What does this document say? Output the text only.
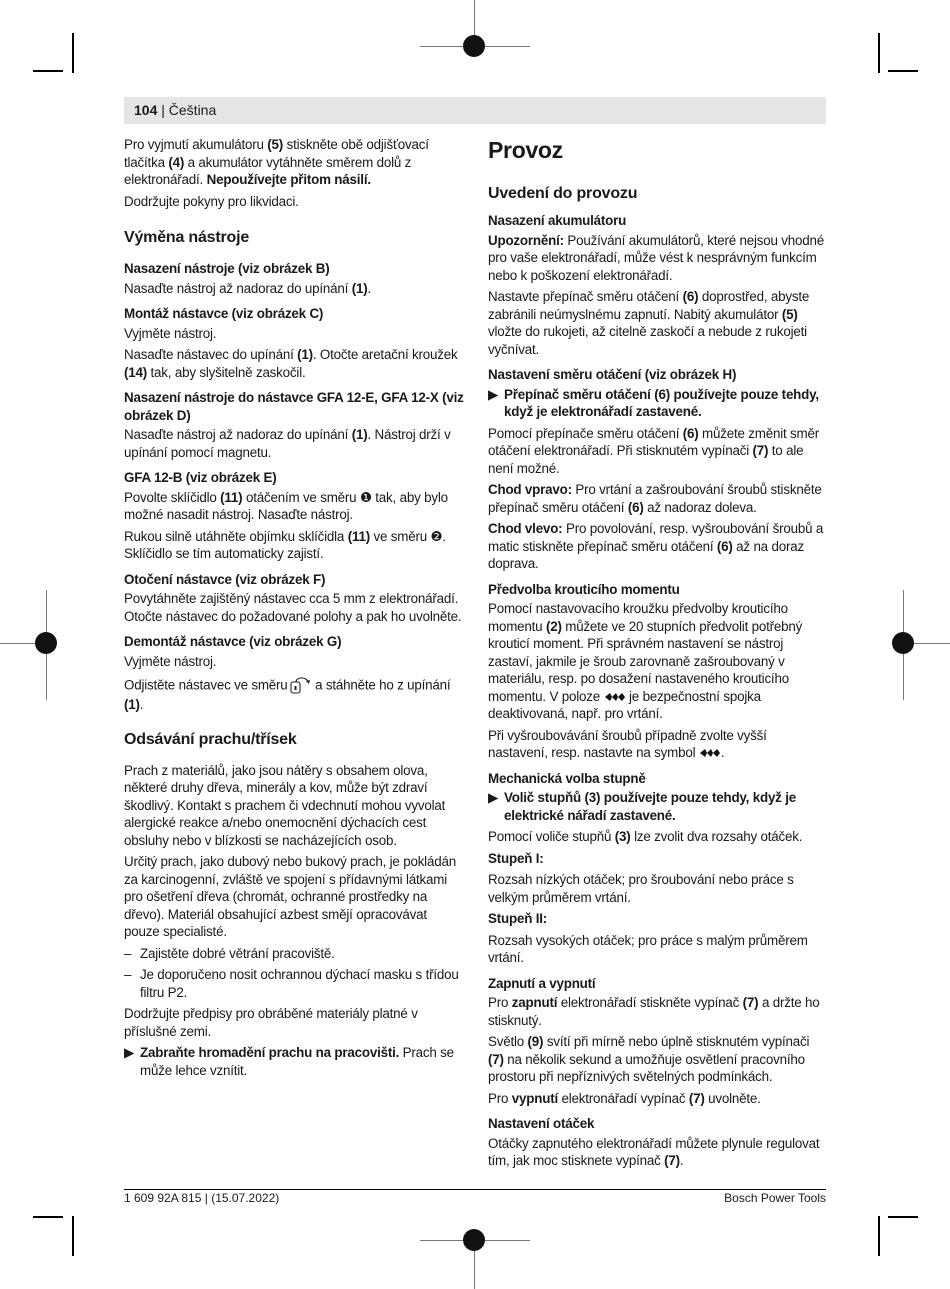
104 | Čeština

Pro vyjmutí akumulátoru (5) stiskněte obě odjišťovací tlačítka (4) a akumulátor vytáhněte směrem dolů z elektronářadí. Nepoužívejte přitom násilí.

Dodržujte pokyny pro likvidaci.

Výměna nástroje
Nasazení nástroje (viz obrázek B)

Nasaďte nástroj až nadoraz do upínání (1).

Montáž nástavce (viz obrázek C)

Vyjměte nástroj.

Nasaďte nástavec do upínání (1). Otočte aretační kroužek (14) tak, aby slyšitelně zaskočil.

Nasazení nástroje do nástavce GFA 12-E, GFA 12-X (viz obrázek D)

Nasaďte nástroj až nadoraz do upínání (1). Nástroj drží v upínání pomocí magnetu.

GFA 12-B (viz obrázek E)

Povolte sklíčidlo (11) otáčením ve směru ❶ tak, aby bylo možné nasadit nástroj. Nasaďte nástroj.

Rukou silně utáhněte objímku sklíčidla (11) ve směru ❷. Sklíčidlo se tím automaticky zajistí.

Otočení nástavce (viz obrázek F)

Povytáhněte zajištěný nástavec cca 5 mm z elektronářadí. Otočte nástavec do požadované polohy a pak ho uvolněte.

Demontáž nástavce (viz obrázek G)

Vyjměte nástroj.

Odjistěte nástavec ve směru a stáhněte ho z upínání (1).

Odsávání prachu/třísek

Prach z materiálů, jako jsou nátěry s obsahem olova, některé druhy dřeva, minerály a kov, může být zdraví škodlivý. Kontakt s prachem či vdechnutí mohou vyvolat alergické reakce a/nebo onemocnění dýchacích cest obsluhy nebo v blízkosti se nacházejících osob.

Určitý prach, jako dubový nebo bukový prach, je pokládán za karcinogenní, zvláště ve spojení s přídavnými látkami pro ošetření dřeva (chromát, ochranné prostředky na dřevo). Materiál obsahující azbest smějí opracovávat pouze specialisté.

– Zajistěte dobré větrání pracoviště.
– Je doporučeno nosit ochrannou dýchací masku s třídou filtru P2.

Dodržujte předpisy pro obráběné materiály platné v příslušné zemi.

▶ Zabraňte hromadění prachu na pracovišti. Prach se může lehce vznítit.
Provoz
Uvedení do provozu
Nasazení akumulátoru

Upozornění: Používání akumulátorů, které nejsou vhodné pro vaše elektronářadí, může vést k nesprávným funkcím nebo k poškození elektronářadí.

Nastavte přepínač směru otáčení (6) doprostřed, abyste zabránili neúmyslnému zapnutí. Nabitý akumulátor (5) vložte do rukojeti, až citelně zaskočí a nebude z rukojeti vyčnívat.

Nastavení směru otáčení (viz obrázek H)
▶ Přepínač směru otáčení (6) používejte pouze tehdy, když je elektronářadí zastavené.

Pomocí přepínače směru otáčení (6) můžete změnit směr otáčení elektronářadí. Při stisknutém vypínači (7) to ale není možné.

Chod vpravo: Pro vrtání a zašroubování šroubů stiskněte přepínač směru otáčení (6) až nadoraz doleva.

Chod vlevo: Pro povolování, resp. vyšroubování šroubů a matic stiskněte přepínač směru otáčení (6) až na doraz doprava.

Předvolba krouticího momentu

Pomocí nastavovacího kroužku předvolby krouticího momentu (2) můžete ve 20 stupních předvolit potřebný krouticí moment. Při správném nastavení se nástroj zastaví, jakmile je šroub zarovnaně zašroubovaný v materiálu, resp. po dosažení nastaveného krouticího momentu. V poloze  je bezpečnostní spojka deaktivovaná, např. pro vrtání.

Při vyšroubovávání šroubů případně zvolte vyšší nastavení, resp. nastavte na symbol .

Mechanická volba stupně
▶ Volič stupňů (3) používejte pouze tehdy, když je elektrické nářadí zastavené.

Pomocí voliče stupňů (3) lze zvolit dva rozsahy otáček.

Stupeň I:

Rozsah nízkých otáček; pro šroubování nebo práce s velkým průměrem vrtání.

Stupeň II:

Rozsah vysokých otáček; pro práce s malým průměrem vrtání.

Zapnutí a vypnutí

Pro zapnutí elektronářadí stiskněte vypínač (7) a držte ho stisknutý.

Světlo (9) svítí při mírně nebo úplně stisknutém vypínači (7) na několik sekund a umožňuje osvětlení pracovního prostoru při nepříznivých světelných podmínkách.

Pro vypnutí elektronářadí vypínač (7) uvolněte.

Nastavení otáček

Otáčky zapnutého elektronářadí můžete plynule regulovat tím, jak moc stisknete vypínač (7).

1 609 92A 815 | (15.07.2022)	Bosch Power Tools
